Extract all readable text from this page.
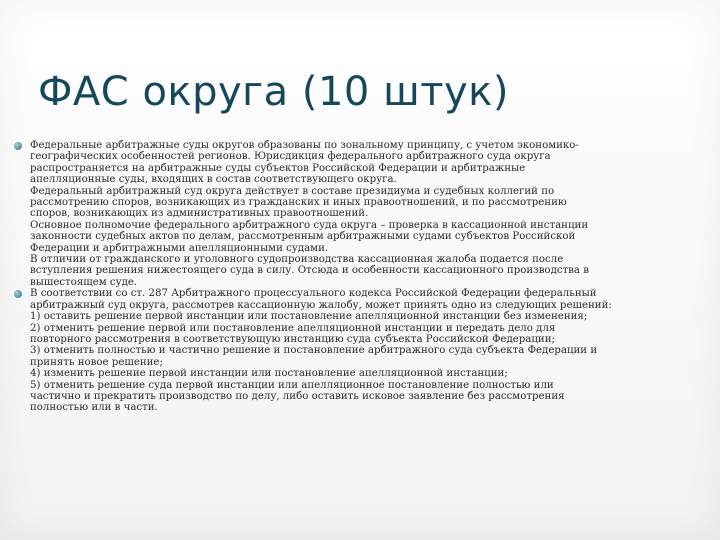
ФАС округа (10 штук)
Федеральные арбитражные суды округов образованы по зональному принципу, с учетом экономико-
географических особенностей регионов. Юрисдикция федерального арбитражного суда округа
распространяется на арбитражные суды субъектов Российской Федерации и арбитражные
апелляционные суды, входящих в состав соответствующего округа.
Федеральный арбитражный суд округа действует в составе президиума и судебных коллегий по
рассмотрению споров, возникающих из гражданских и иных правоотношений, и по рассмотрению
споров, возникающих из административных правоотношений.
Основное полномочие федерального арбитражного суда округа – проверка в кассационной инстанции
законности судебных актов по делам, рассмотренным арбитражными судами субъектов Российской
Федерации и арбитражными апелляционными судами.
В отличии от гражданского и уголовного судопроизводства кассационная жалоба подается после
вступления решения нижестоящего суда в силу. Отсюда и особенности кассационного производства в
вышестоящем суде.
В соответствии со ст. 287 Арбитражного процессуального кодекса Российской Федерации федеральный
арбитражный суд округа, рассмотрев кассационную жалобу, может принять одно из следующих решений:
1) оставить решение первой инстанции или постановление апелляционной инстанции без изменения;
2) отменить решение первой или постановление апелляционной инстанции и передать дело для
повторного рассмотрения в соответствующую инстанцию суда субъекта Российской Федерации;
3) отменить полностью и частично решение и постановление арбитражного суда субъекта Федерации и
принять новое решение;
4) изменить решение первой инстанции или постановление апелляционной инстанции;
5) отменить решение суда первой инстанции или апелляционное постановление полностью или
частично и прекратить производство по делу, либо оставить исковое заявление без рассмотрения
полностью или в части.
